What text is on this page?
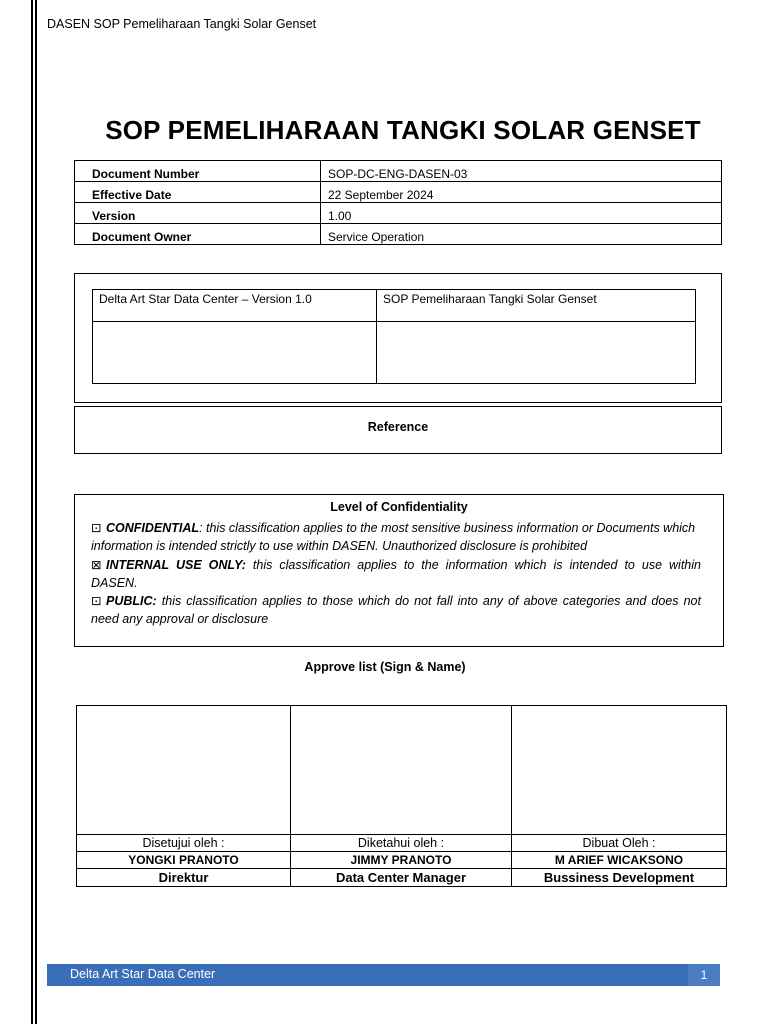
DASEN SOP Pemeliharaan Tangki Solar Genset
SOP PEMELIHARAAN TANGKI SOLAR GENSET
Document Number	SOP-DC-ENG-DASEN-03
Effective Date	22 September 2024
Version	1.00
Document Owner	Service Operation
Delta Art Star Data Center – Version 1.0	SOP Pemeliharaan Tangki Solar Genset

Reference
Level of Confidentiality
⊡ CONFIDENTIAL: this classification applies to the most sensitive business information or Documents which information is intended strictly to use within DASEN. Unauthorized disclosure is prohibited
⊠ INTERNAL USE ONLY: this classification applies to the information which is intended to use within DASEN.
⊡ PUBLIC: this classification applies to those which do not fall into any of above categories and does not need any approval or disclosure
Approve list (Sign & Name)

Disetujui oleh :	Diketahui oleh :	Dibuat Oleh :
YONGKI PRANOTO	JIMMY PRANOTO	M ARIEF WICAKSONO
Direktur	Data Center Manager	Bussiness Development
Delta Art Star Data Center	1
